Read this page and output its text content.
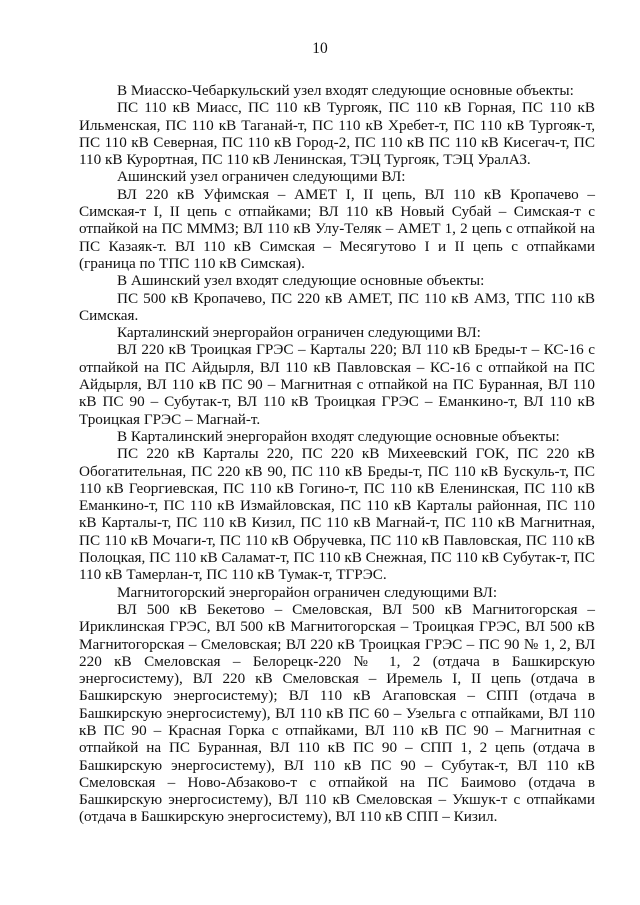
10

В Миасско-Чебаркульский узел входят следующие основные объекты:

ПС 110 кВ Миасс, ПС 110 кВ Тургояк, ПС 110 кВ Горная, ПС 110 кВ Ильменская, ПС 110 кВ Таганай-т, ПС 110 кВ Хребет-т, ПС 110 кВ Тургояк-т, ПС 110 кВ Северная, ПС 110 кВ Город-2, ПС 110 кВ ПС 110 кВ Кисегач-т, ПС 110 кВ Курортная, ПС 110 кВ Ленинская, ТЭЦ Тургояк, ТЭЦ УралАЗ.

Ашинский узел ограничен следующими ВЛ:

ВЛ 220 кВ Уфимская – АМЕТ I, II цепь, ВЛ 110 кВ Кропачево – Симская-т I, II цепь с отпайками; ВЛ 110 кВ Новый Субай – Симская-т с отпайкой на ПС МММЗ; ВЛ 110 кВ Улу-Теляк – АМЕТ 1, 2 цепь с отпайкой на ПС Казаяк-т. ВЛ 110 кВ Симская – Месягутово I и II цепь с отпайками (граница по ТПС 110 кВ Симская).

В Ашинский узел входят следующие основные объекты:

ПС 500 кВ Кропачево, ПС 220 кВ АМЕТ, ПС 110 кВ АМЗ, ТПС 110 кВ Симская.

Карталинский энергорайон ограничен следующими ВЛ:

ВЛ 220 кВ Троицкая ГРЭС – Карталы 220; ВЛ 110 кВ Бреды-т – КС-16 с отпайкой на ПС Айдырля, ВЛ 110 кВ Павловская – КС-16 с отпайкой на ПС Айдырля, ВЛ 110 кВ ПС 90 – Магнитная с отпайкой на ПС Буранная, ВЛ 110 кВ ПС 90 – Субутак-т, ВЛ 110 кВ Троицкая ГРЭС – Еманкино-т, ВЛ 110 кВ Троицкая ГРЭС – Магнай-т.

В Карталинский энергорайон входят следующие основные объекты:

ПС 220 кВ Карталы 220, ПС 220 кВ Михеевский ГОК, ПС 220 кВ Обогатительная, ПС 220 кВ 90, ПС 110 кВ Бреды-т, ПС 110 кВ Бускуль-т, ПС 110 кВ Георгиевская, ПС 110 кВ Гогино-т, ПС 110 кВ Еленинская, ПС 110 кВ Еманкино-т, ПС 110 кВ Измайловская, ПС 110 кВ Карталы районная, ПС 110 кВ Карталы-т, ПС 110 кВ Кизил, ПС 110 кВ Магнай-т, ПС 110 кВ Магнитная, ПС 110 кВ Мочаги-т, ПС 110 кВ Обручевка, ПС 110 кВ Павловская, ПС 110 кВ Полоцкая, ПС 110 кВ Саламат-т, ПС 110 кВ Снежная, ПС 110 кВ Субутак-т, ПС 110 кВ Тамерлан-т, ПС 110 кВ Тумак-т, ТГРЭС.

Магнитогорский энергорайон ограничен следующими ВЛ:

ВЛ 500 кВ Бекетово – Смеловская, ВЛ 500 кВ Магнитогорская – Ириклинская ГРЭС, ВЛ 500 кВ Магнитогорская – Троицкая ГРЭС, ВЛ 500 кВ Магнитогорская – Смеловская; ВЛ 220 кВ Троицкая ГРЭС – ПС 90 № 1, 2, ВЛ 220 кВ Смеловская – Белорецк-220 № 1, 2 (отдача в Башкирскую энергосистему), ВЛ 220 кВ Смеловская – Иремель I, II цепь (отдача в Башкирскую энергосистему); ВЛ 110 кВ Агаповская – СПП (отдача в Башкирскую энергосистему), ВЛ 110 кВ ПС 60 – Узельга с отпайками, ВЛ 110 кВ ПС 90 – Красная Горка с отпайками, ВЛ 110 кВ ПС 90 – Магнитная с отпайкой на ПС Буранная, ВЛ 110 кВ ПС 90 – СПП 1, 2 цепь (отдача в Башкирскую энергосистему), ВЛ 110 кВ ПС 90 – Субутак-т, ВЛ 110 кВ Смеловская – Ново-Абзаково-т с отпайкой на ПС Баимово (отдача в Башкирскую энергосистему), ВЛ 110 кВ Смеловская – Укшук-т с отпайками (отдача в Башкирскую энергосистему), ВЛ 110 кВ СПП – Кизил.
